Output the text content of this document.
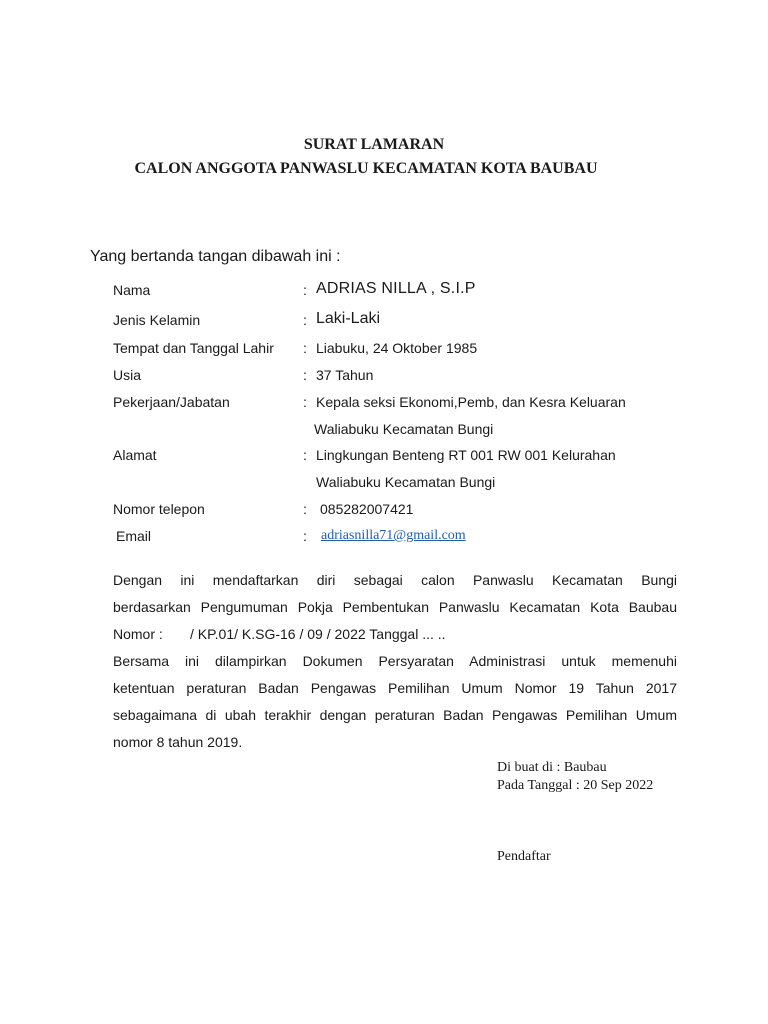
SURAT LAMARAN
CALON ANGGOTA PANWASLU KECAMATAN KOTA BAUBAU
Yang bertanda tangan dibawah ini :
Nama	: ADRIAS NILLA , S.I.P
Jenis Kelamin	: Laki-Laki
Tempat dan Tanggal Lahir : Liabuku, 24 Oktober 1985
Usia	: 37 Tahun
Pekerjaan/Jabatan	: Kepala seksi Ekonomi,Pemb, dan Kesra Keluaran
Waliabuku Kecamatan Bungi
Alamat	: Lingkungan Benteng RT 001 RW 001 Kelurahan
Waliabuku Kecamatan Bungi
Nomor telepon	: 085282007421
Email	: adriasnilla71@gmail.com
Dengan ini mendaftarkan diri sebagai calon Panwaslu Kecamatan Bungi
berdasarkan Pengumuman Pokja Pembentukan Panwaslu Kecamatan Kota Baubau
Nomor :       / KP.01/ K.SG-16 / 09 / 2022 Tanggal ... ..
Bersama ini dilampirkan Dokumen Persyaratan Administrasi untuk memenuhi
ketentuan peraturan Badan Pengawas Pemilihan Umum Nomor 19 Tahun 2017
sebagaimana di ubah terakhir dengan peraturan Badan Pengawas Pemilihan Umum
nomor 8 tahun 2019.
Di buat di : Baubau
Pada Tanggal : 20 Sep 2022
Pendaftar
